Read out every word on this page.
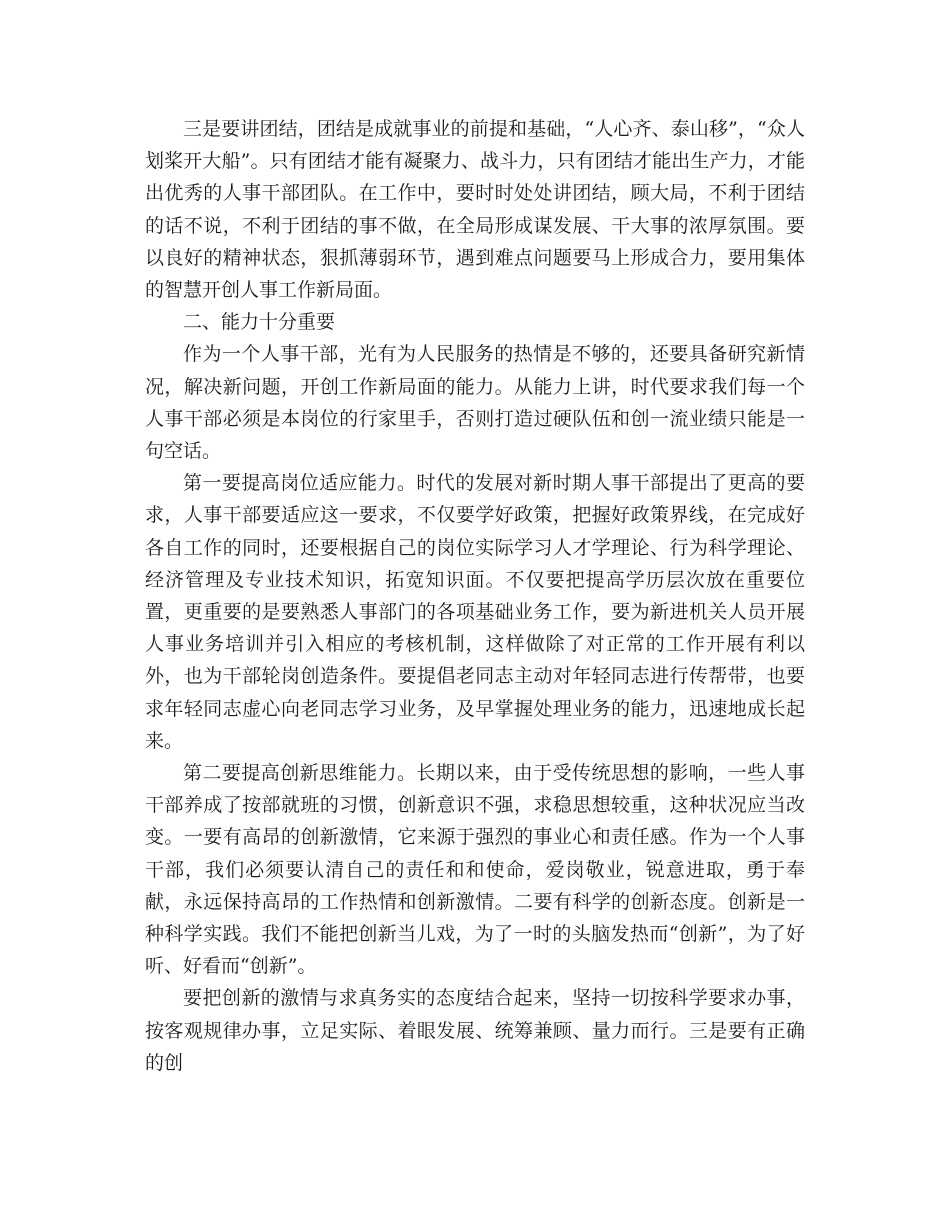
三是要讲团结，团结是成就事业的前提和基础，“人心齐、泰山移”，“众人划桨开大船”。只有团结才能有凝聚力、战斗力，只有团结才能出生产力，才能出优秀的人事干部团队。在工作中，要时时处处讲团结，顾大局，不利于团结的话不说，不利于团结的事不做，在全局形成谋发展、干大事的浓厚氛围。要以良好的精神状态，狠抓薄弱环节，遇到难点问题要马上形成合力，要用集体的智慧开创人事工作新局面。

二、能力十分重要

作为一个人事干部，光有为人民服务的热情是不够的，还要具备研究新情况，解决新问题，开创工作新局面的能力。从能力上讲，时代要求我们每一个人事干部必须是本岗位的行家里手，否则打造过硬队伍和创一流业绩只能是一句空话。

第一要提高岗位适应能力。时代的发展对新时期人事干部提出了更高的要求，人事干部要适应这一要求，不仅要学好政策，把握好政策界线，在完成好各自工作的同时，还要根据自己的岗位实际学习人才学理论、行为科学理论、经济管理及专业技术知识，拓宽知识面。不仅要把提高学历层次放在重要位置，更重要的是要熟悉人事部门的各项基础业务工作，要为新进机关人员开展人事业务培训并引入相应的考核机制，这样做除了对正常的工作开展有利以外，也为干部轮岗创造条件。要提倡老同志主动对年轻同志进行传帮带，也要求年轻同志虚心向老同志学习业务，及早掌握处理业务的能力，迅速地成长起来。

第二要提高创新思维能力。长期以来，由于受传统思想的影响，一些人事干部养成了按部就班的习惯，创新意识不强，求稳思想较重，这种状况应当改变。一要有高昂的创新激情，它来源于强烈的事业心和责任感。作为一个人事干部，我们必须要认清自己的责任和和使命，爱岗敬业，锐意进取，勇于奉献，永远保持高昂的工作热情和创新激情。二要有科学的创新态度。创新是一种科学实践。我们不能把创新当儿戏，为了一时的头脑发热而“创新”，为了好听、好看而“创新”。

要把创新的激情与求真务实的态度结合起来，坚持一切按科学要求办事，按客观规律办事，立足实际、着眼发展、统筹兼顾、量力而行。三是要有正确的创
